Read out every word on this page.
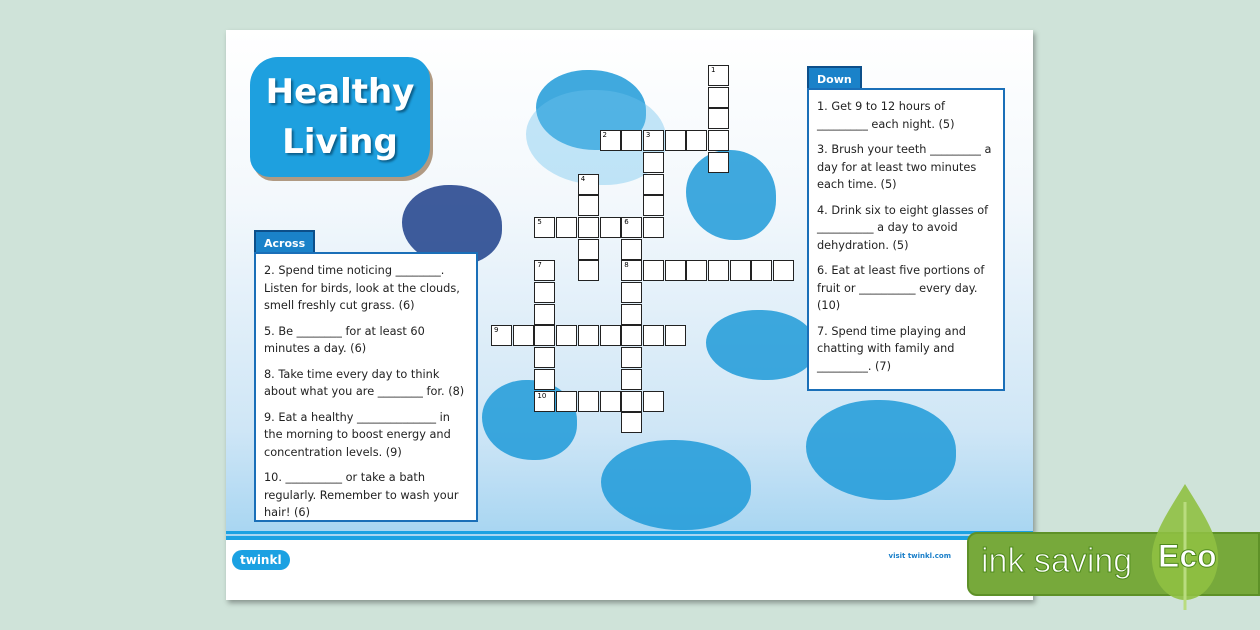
Healthy
Living
Across

2. Spend time noticing ________. Listen for birds, look at the clouds, smell freshly cut grass. (6)

5. Be ________ for at least 60 minutes a day. (6)

8. Take time every day to think about what you are ________ for. (8)

9. Eat a healthy ______________ in the morning to boost energy and concentration levels. (9)

10. __________ or take a bath regularly. Remember to wash your hair! (6)

Down

1. Get 9 to 12 hours of _________ each night. (5)

3. Brush your teeth _________ a day for at least two minutes each time. (5)

4. Drink six to eight glasses of __________ a day to avoid dehydration. (5)

6. Eat at least five portions of fruit or __________ every day. (10)

7. Spend time playing and chatting with family and _________. (7)

1
2	3
4
5	6
8
7
10
9
twinkl	visit twinkl.com ink saving Eco
